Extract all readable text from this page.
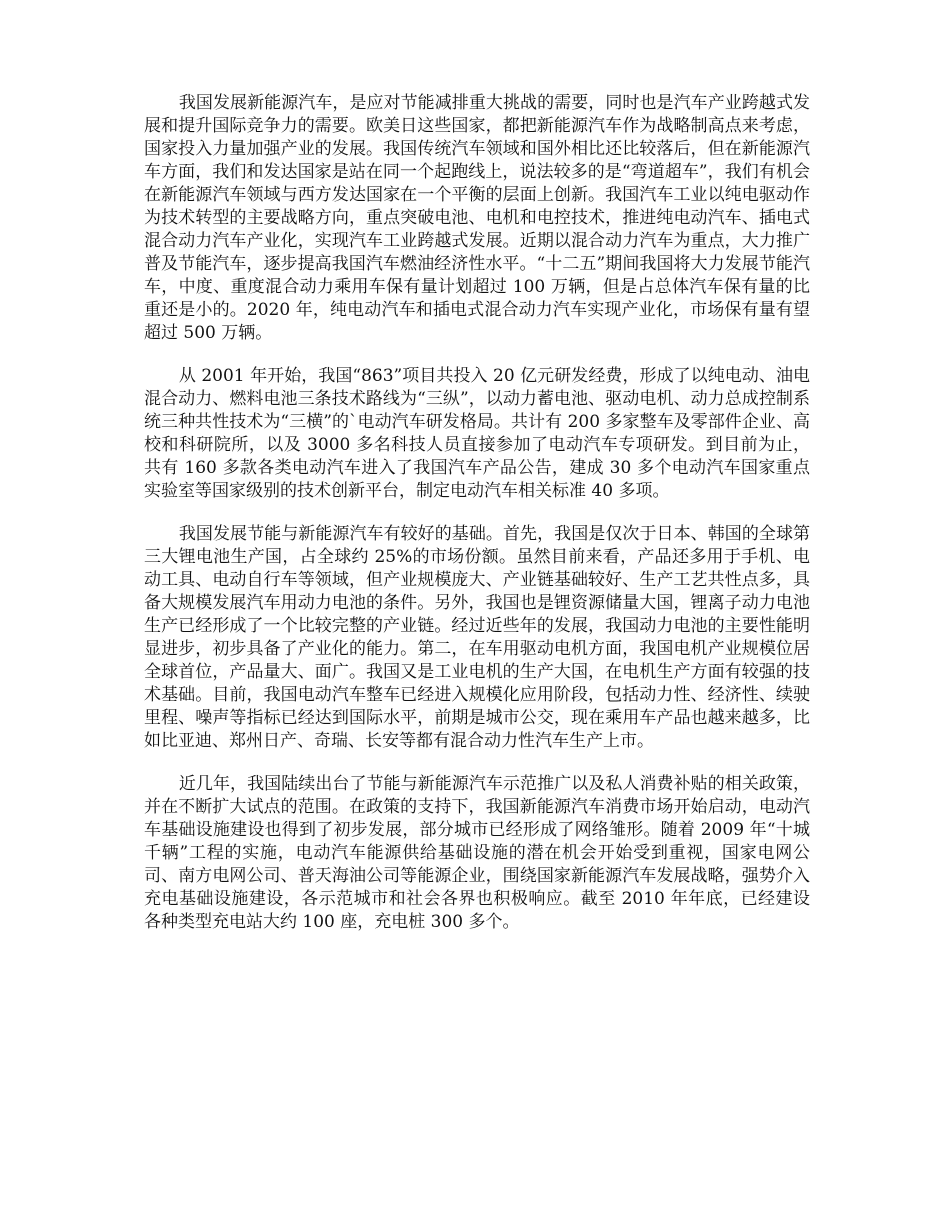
我国发展新能源汽车，是应对节能减排重大挑战的需要，同时也是汽车产业跨越式发展和提升国际竞争力的需要。欧美日这些国家，都把新能源汽车作为战略制高点来考虑，国家投入力量加强产业的发展。我国传统汽车领域和国外相比还比较落后，但在新能源汽车方面，我们和发达国家是站在同一个起跑线上，说法较多的是“弯道超车”，我们有机会在新能源汽车领域与西方发达国家在一个平衡的层面上创新。我国汽车工业以纯电驱动作为技术转型的主要战略方向，重点突破电池、电机和电控技术，推进纯电动汽车、插电式混合动力汽车产业化，实现汽车工业跨越式发展。近期以混合动力汽车为重点，大力推广普及节能汽车，逐步提高我国汽车燃油经济性水平。“十二五”期间我国将大力发展节能汽车，中度、重度混合动力乘用车保有量计划超过 100 万辆，但是占总体汽车保有量的比重还是小的。2020 年，纯电动汽车和插电式混合动力汽车实现产业化，市场保有量有望超过 500 万辆。

从 2001 年开始，我国“863”项目共投入 20 亿元研发经费，形成了以纯电动、油电混合动力、燃料电池三条技术路线为“三纵”，以动力蓄电池、驱动电机、动力总成控制系统三种共性技术为“三横”的`电动汽车研发格局。共计有 200 多家整车及零部件企业、高校和科研院所，以及 3000 多名科技人员直接参加了电动汽车专项研发。到目前为止，共有 160 多款各类电动汽车进入了我国汽车产品公告，建成 30 多个电动汽车国家重点实验室等国家级别的技术创新平台，制定电动汽车相关标准 40 多项。

我国发展节能与新能源汽车有较好的基础。首先，我国是仅次于日本、韩国的全球第三大锂电池生产国，占全球约 25%的市场份额。虽然目前来看，产品还多用于手机、电动工具、电动自行车等领域，但产业规模庞大、产业链基础较好、生产工艺共性点多，具备大规模发展汽车用动力电池的条件。另外，我国也是锂资源储量大国，锂离子动力电池生产已经形成了一个比较完整的产业链。经过近些年的发展，我国动力电池的主要性能明显进步，初步具备了产业化的能力。第二，在车用驱动电机方面，我国电机产业规模位居全球首位，产品量大、面广。我国又是工业电机的生产大国，在电机生产方面有较强的技术基础。目前，我国电动汽车整车已经进入规模化应用阶段，包括动力性、经济性、续驶里程、噪声等指标已经达到国际水平，前期是城市公交，现在乘用车产品也越来越多，比如比亚迪、郑州日产、奇瑞、长安等都有混合动力性汽车生产上市。

近几年，我国陆续出台了节能与新能源汽车示范推广以及私人消费补贴的相关政策，并在不断扩大试点的范围。在政策的支持下，我国新能源汽车消费市场开始启动，电动汽车基础设施建设也得到了初步发展，部分城市已经形成了网络雏形。随着 2009 年“十城千辆”工程的实施，电动汽车能源供给基础设施的潜在机会开始受到重视，国家电网公司、南方电网公司、普天海油公司等能源企业，围绕国家新能源汽车发展战略，强势介入充电基础设施建设，各示范城市和社会各界也积极响应。截至 2010 年年底，已经建设各种类型充电站大约 100 座，充电桩 300 多个。
